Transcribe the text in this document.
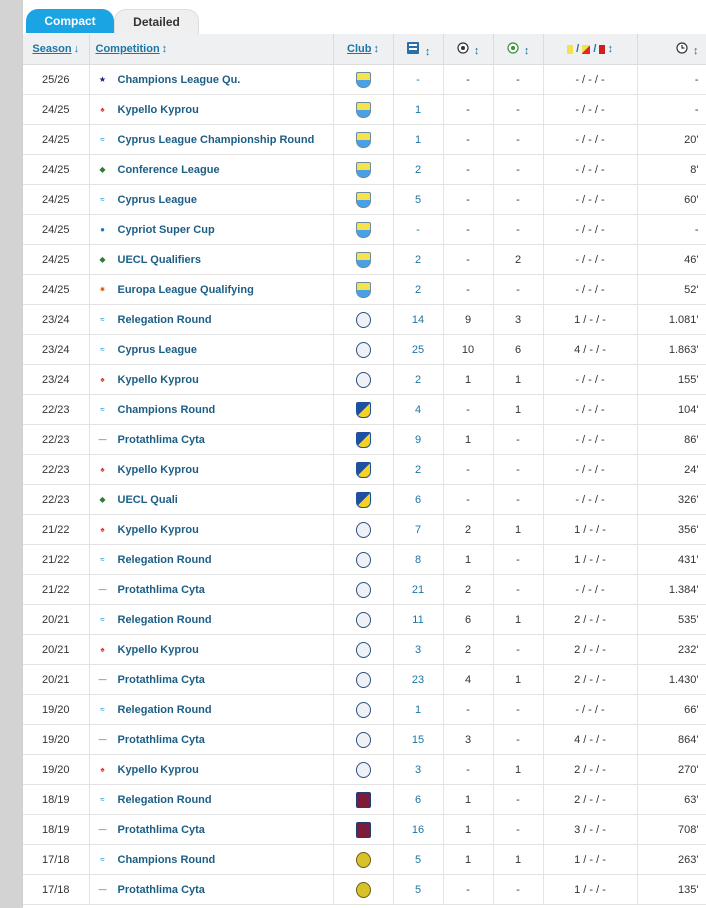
Compact	Detailed
Season ↓	Competition ↕	Club ↕	↕	↕	↕	/ / ↕	↕
25/26	★ Champions League Qu.		-	-	-	- / - / -	-
24/25	♠ Kypello Kyprou		1	-	-	- / - / -	-
24/25	≈ Cyprus League Championship Round		1	-	-	- / - / -	20'
24/25	◆ Conference League		2	-	-	- / - / -	8'
24/25	≈ Cyprus League		5	-	-	- / - / -	60'
24/25	● Cypriot Super Cup		-	-	-	- / - / -	-
24/25	◆ UECL Qualifiers		2	-	2	- / - / -	46'
24/25	✷ Europa League Qualifying		2	-	-	- / - / -	52'
23/24	≈ Relegation Round		14	9	3	1 / - / -	1.081'
23/24	≈ Cyprus League		25	10	6	4 / - / -	1.863'
23/24	♠ Kypello Kyprou		2	1	1	- / - / -	155'
22/23	≈ Champions Round		4	-	1	- / - / -	104'
22/23	― Protathlima Cyta		9	1	-	- / - / -	86'
22/23	♠ Kypello Kyprou		2	-	-	- / - / -	24'
22/23	◆ UECL Quali		6	-	-	- / - / -	326'
21/22	♠ Kypello Kyprou		7	2	1	1 / - / -	356'
21/22	≈ Relegation Round		8	1	-	1 / - / -	431'
21/22	― Protathlima Cyta		21	2	-	- / - / -	1.384'
20/21	≈ Relegation Round		11	6	1	2 / - / -	535'
20/21	♠ Kypello Kyprou		3	2	-	2 / - / -	232'
20/21	― Protathlima Cyta		23	4	1	2 / - / -	1.430'
19/20	≈ Relegation Round		1	-	-	- / - / -	66'
19/20	― Protathlima Cyta		15	3	-	4 / - / -	864'
19/20	♠ Kypello Kyprou		3	-	1	2 / - / -	270'
18/19	≈ Relegation Round		6	1	-	2 / - / -	63'
18/19	― Protathlima Cyta		16	1	-	3 / - / -	708'
17/18	≈ Champions Round		5	1	1	1 / - / -	263'
17/18	― Protathlima Cyta		5	-	-	1 / - / -	135'
